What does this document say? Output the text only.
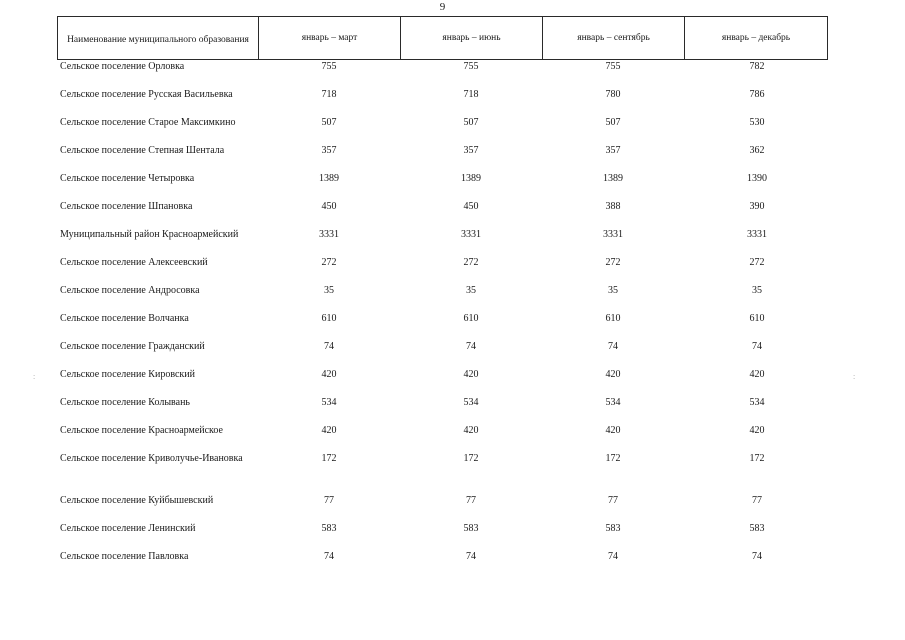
9
:	:
Наименование муниципального образования	январь – март	январь – июнь	январь – сентябрь	январь – декабрь
Сельское поселение Орловка	755	755	755	782
Сельское поселение Русская Васильевка	718	718	780	786
Сельское поселение Старое Максимкино	507	507	507	530
Сельское поселение Степная Шентала	357	357	357	362
Сельское поселение Четыровка	1389	1389	1389	1390
Сельское поселение Шпановка	450	450	388	390
Муниципальный район Красноармейский	3331	3331	3331	3331
Сельское поселение Алексеевский	272	272	272	272
Сельское поселение Андросовка	35	35	35	35
Сельское поселение Волчанка	610	610	610	610
Сельское поселение Гражданский	74	74	74	74
Сельское поселение Кировский	420	420	420	420
Сельское поселение Колывань	534	534	534	534
Сельское поселение Красноармейское	420	420	420	420
Сельское поселение Криволучье-Ивановка	172	172	172	172
Сельское поселение Куйбышевский	77	77	77	77
Сельское поселение Ленинский	583	583	583	583
Сельское поселение Павловка	74	74	74	74
